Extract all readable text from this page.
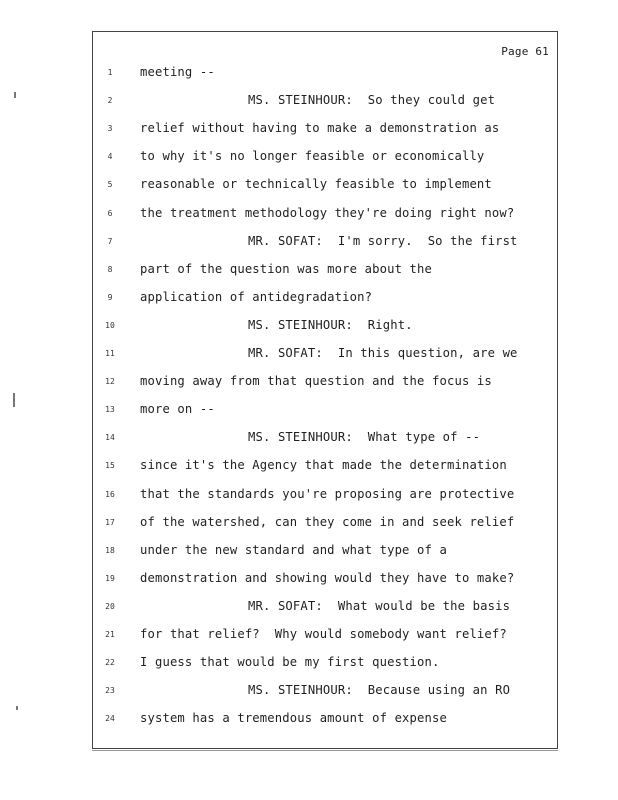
Page 61
1	meeting --
2	MS. STEINHOUR:  So they could get
3	relief without having to make a demonstration as
4	to why it's no longer feasible or economically
5	reasonable or technically feasible to implement
6	the treatment methodology they're doing right now?
7	MR. SOFAT:  I'm sorry.  So the first
8	part of the question was more about the
9	application of antidegradation?
10	MS. STEINHOUR:  Right.
11	MR. SOFAT:  In this question, are we
12	moving away from that question and the focus is
13	more on --
14	MS. STEINHOUR:  What type of --
15	since it's the Agency that made the determination
16	that the standards you're proposing are protective
17	of the watershed, can they come in and seek relief
18	under the new standard and what type of a
19	demonstration and showing would they have to make?
20	MR. SOFAT:  What would be the basis
21	for that relief?  Why would somebody want relief?
22	I guess that would be my first question.
23	MS. STEINHOUR:  Because using an RO
24	system has a tremendous amount of expense
